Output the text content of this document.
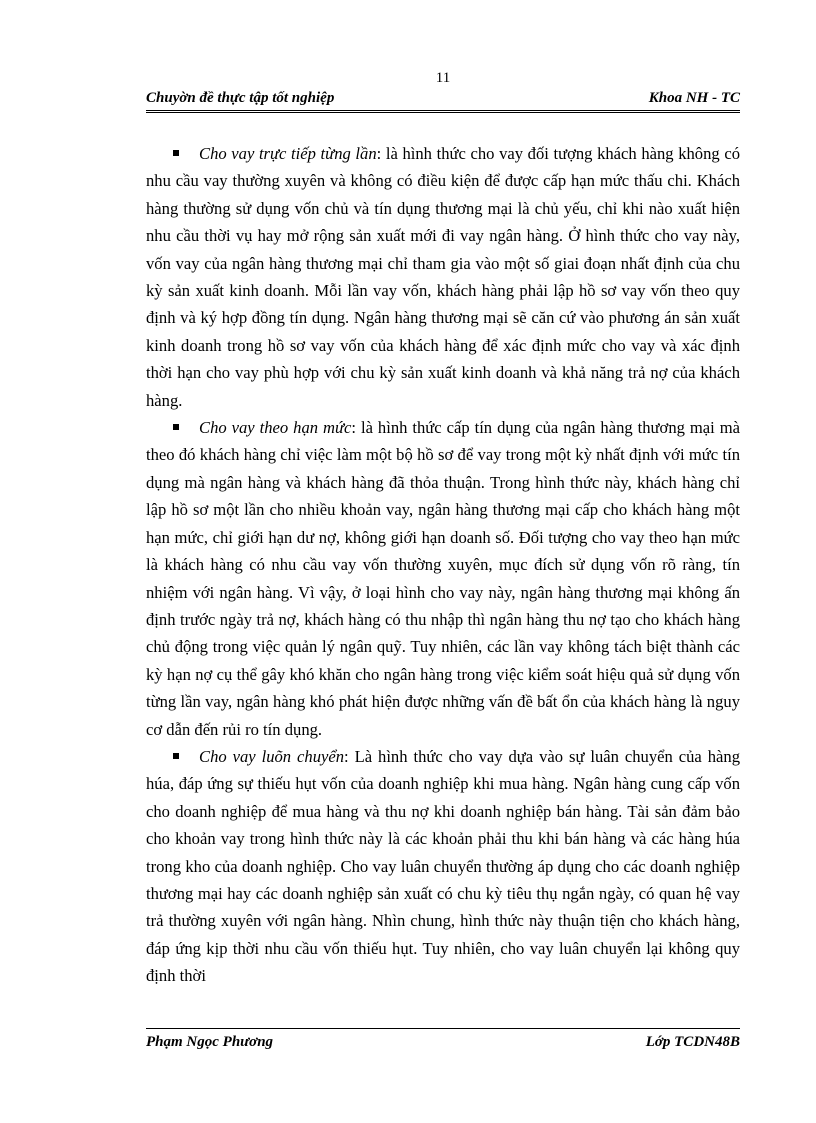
11
Chuyờn đề thực tập tốt nghiệp	Khoa NH - TC

Cho vay trực tiếp từng lần: là hình thức cho vay đối tượng khách hàng không có nhu cầu vay thường xuyên và không có điều kiện để được cấp hạn mức thấu chi. Khách hàng thường sử dụng vốn chủ và tín dụng thương mại là chủ yếu, chỉ khi nào xuất hiện nhu cầu thời vụ hay mở rộng sản xuất mới đi vay ngân hàng. Ở hình thức cho vay này, vốn vay của ngân hàng thương mại chỉ tham gia vào một số giai đoạn nhất định của chu kỳ sản xuất kinh doanh. Mỗi lần vay vốn, khách hàng phải lập hồ sơ vay vốn theo quy định và ký hợp đồng tín dụng. Ngân hàng thương mại sẽ căn cứ vào phương án sản xuất kinh doanh trong hồ sơ vay vốn của khách hàng để xác định mức cho vay và xác định thời hạn cho vay phù hợp với chu kỳ sản xuất kinh doanh và khả năng trả nợ của khách hàng.

Cho vay theo hạn mức: là hình thức cấp tín dụng của ngân hàng thương mại mà theo đó khách hàng chỉ việc làm một bộ hồ sơ để vay trong một kỳ nhất định với mức tín dụng mà ngân hàng và khách hàng đã thỏa thuận. Trong hình thức này, khách hàng chỉ lập hồ sơ một lần cho nhiều khoản vay, ngân hàng thương mại cấp cho khách hàng một hạn mức, chỉ giới hạn dư nợ, không giới hạn doanh số. Đối tượng cho vay theo hạn mức là khách hàng có nhu cầu vay vốn thường xuyên, mục đích sử dụng vốn rõ ràng, tín nhiệm với ngân hàng. Vì vậy, ở loại hình cho vay này, ngân hàng thương mại không ấn định trước ngày trả nợ, khách hàng có thu nhập thì ngân hàng thu nợ tạo cho khách hàng chủ động trong việc quản lý ngân quỹ. Tuy nhiên, các lần vay không tách biệt thành các kỳ hạn nợ cụ thể gây khó khăn cho ngân hàng trong việc kiểm soát hiệu quả sử dụng vốn từng lần vay, ngân hàng khó phát hiện được những vấn đề bất ổn của khách hàng là nguy cơ dẫn đến rủi ro tín dụng.

Cho vay luõn chuyển: Là hình thức cho vay dựa vào sự luân chuyển của hàng húa, đáp ứng sự thiếu hụt vốn của doanh nghiệp khi mua hàng. Ngân hàng cung cấp vốn cho doanh nghiệp để mua hàng và thu nợ khi doanh nghiệp bán hàng. Tài sản đảm bảo cho khoản vay trong hình thức này là các khoản phải thu khi bán hàng và các hàng húa trong kho của doanh nghiệp. Cho vay luân chuyển thường áp dụng cho các doanh nghiệp thương mại hay các doanh nghiệp sản xuất có chu kỳ tiêu thụ ngắn ngày, có quan hệ vay trả thường xuyên với ngân hàng. Nhìn chung, hình thức này thuận tiện cho khách hàng, đáp ứng kịp thời nhu cầu vốn thiếu hụt. Tuy nhiên, cho vay luân chuyển lại không quy định thời

Phạm Ngọc Phương	Lớp TCDN48B
